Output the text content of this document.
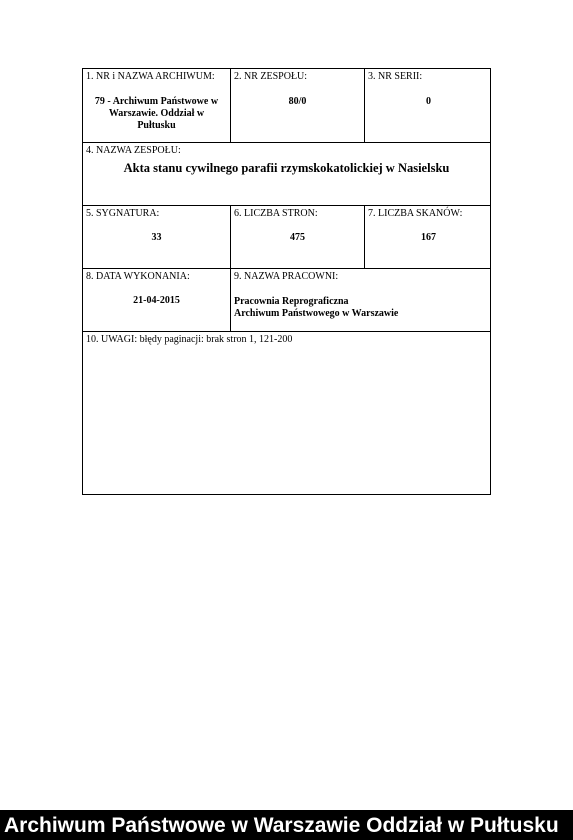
1. NR i NAZWA ARCHIWUM:
79 - Archiwum Państwowe w Warszawie. Oddział w Pułtusku
2. NR ZESPOŁU:
80/0
3. NR SERII:
0
4. NAZWA ZESPOŁU:
Akta stanu cywilnego parafii rzymskokatolickiej w Nasielsku
5. SYGNATURA:
33
6. LICZBA STRON:
475
7. LICZBA SKANÓW:
167
8. DATA WYKONANIA:
21-04-2015
9. NAZWA PRACOWNI:
Pracownia Reprograficzna
Archiwum Państwowego w Warszawie
10. UWAGI: błędy paginacji: brak stron 1, 121-200
Archiwum Państwowe w Warszawie Oddział w Pułtusku
